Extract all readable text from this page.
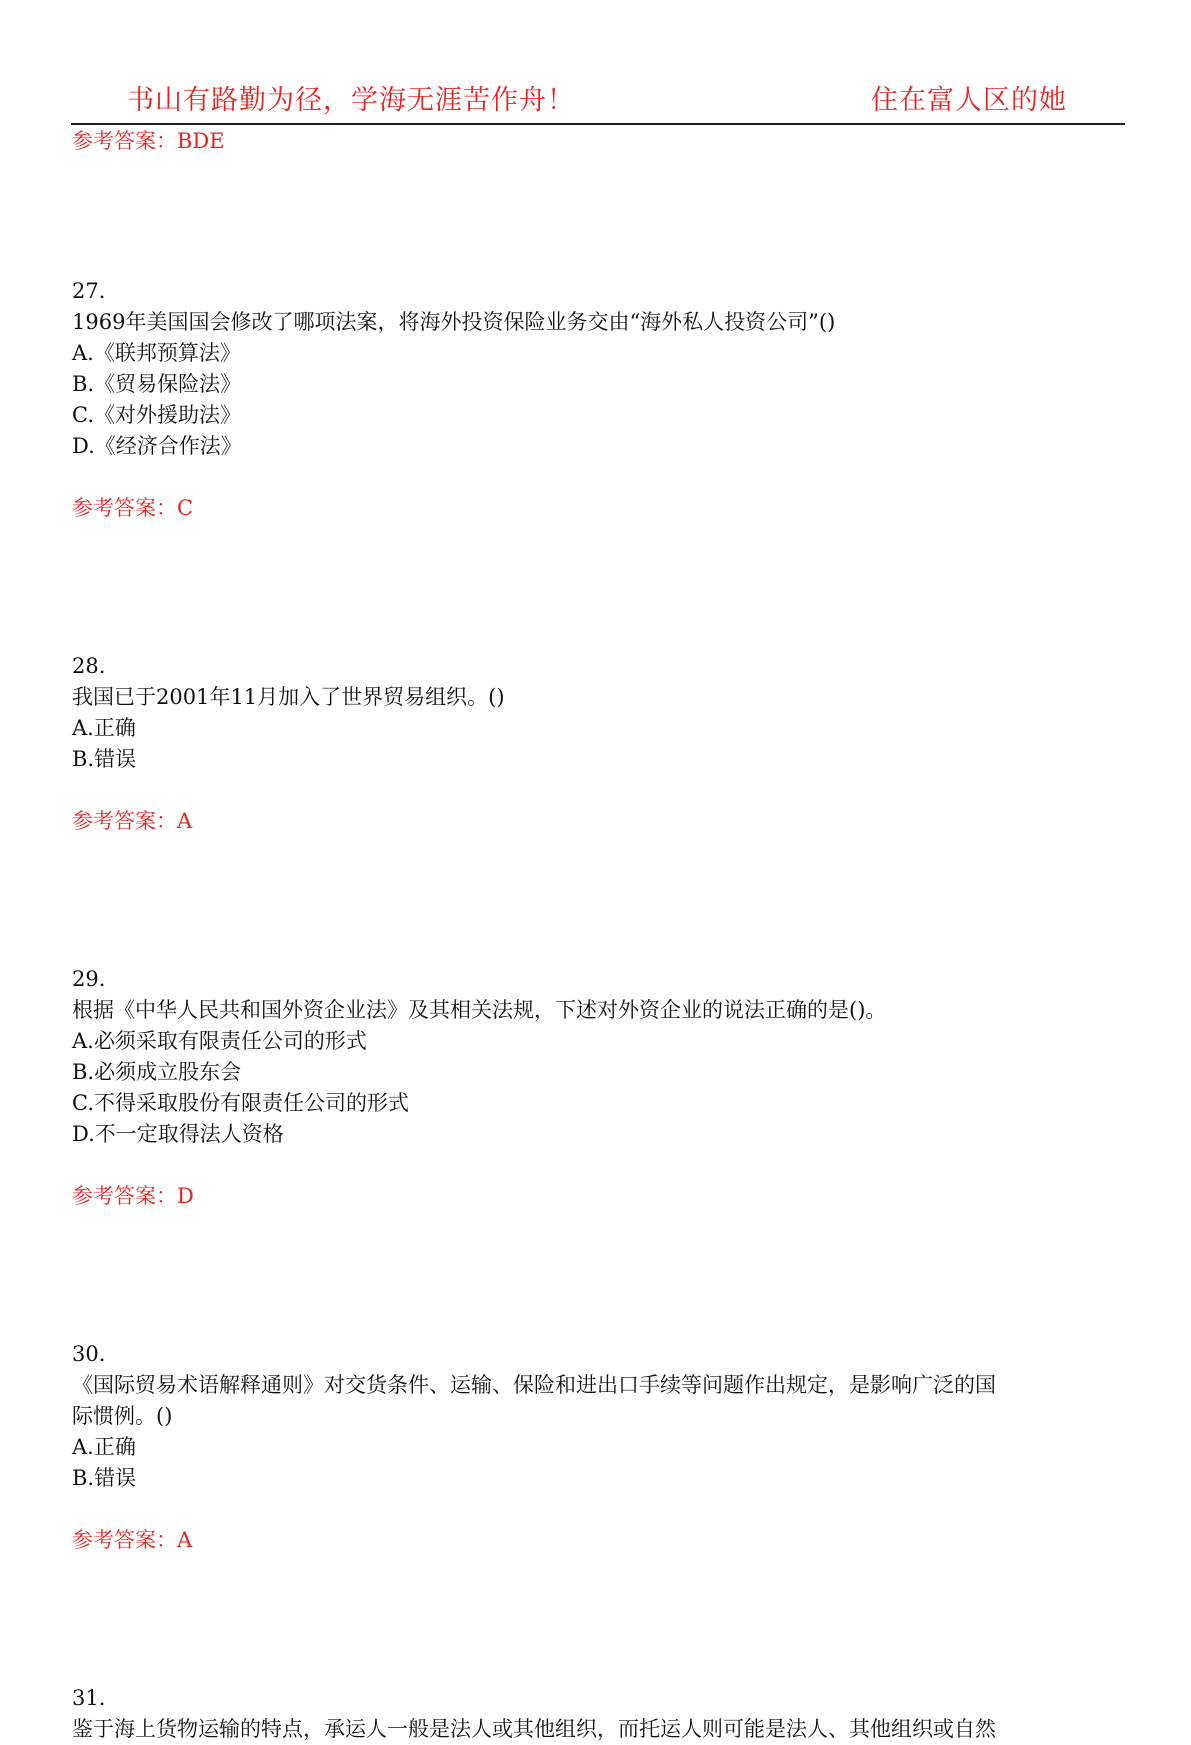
书山有路勤为径，学海无涯苦作舟！	住在富人区的她
参考答案：BDE
27.
1969年美国国会修改了哪项法案，将海外投资保险业务交由“海外私人投资公司”()
A.《联邦预算法》
B.《贸易保险法》
C.《对外援助法》
D.《经济合作法》
参考答案：C
28.
我国已于2001年11月加入了世界贸易组织。()
A.正确
B.错误
参考答案：A
29.
根据《中华人民共和国外资企业法》及其相关法规，下述对外资企业的说法正确的是()。
A.必须采取有限责任公司的形式
B.必须成立股东会
C.不得采取股份有限责任公司的形式
D.不一定取得法人资格
参考答案：D
30.
《国际贸易术语解释通则》对交货条件、运输、保险和进出口手续等问题作出规定，是影响广泛的国
际惯例。()
A.正确
B.错误
参考答案：A
31.
鉴于海上货物运输的特点，承运人一般是法人或其他组织，而托运人则可能是法人、其他组织或自然
